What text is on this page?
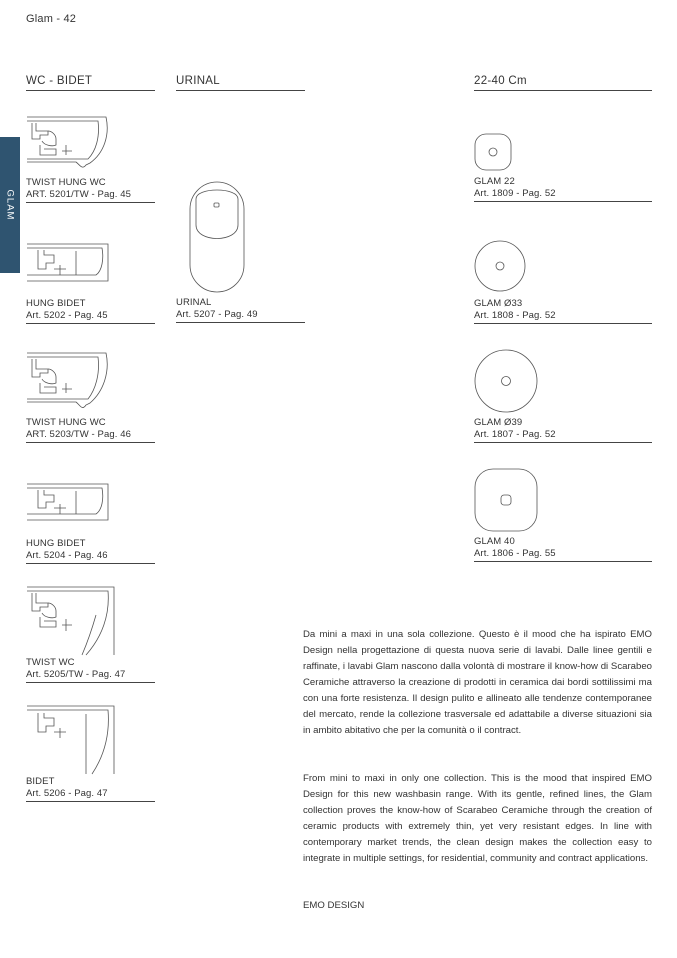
Glam - 42
GLAM
WC - BIDET	URINAL	22-40 Cm
TWIST HUNG WC
ART. 5201/TW - Pag. 45
HUNG BIDET
Art. 5202 - Pag. 45
TWIST HUNG WC
ART. 5203/TW - Pag. 46
HUNG BIDET
Art. 5204 - Pag. 46
TWIST WC
Art. 5205/TW - Pag. 47
BIDET
Art. 5206 - Pag. 47
URINAL
Art. 5207 - Pag. 49
GLAM 22
Art. 1809 - Pag. 52
GLAM Ø33
Art. 1808 - Pag. 52
GLAM Ø39
Art. 1807 - Pag. 52
GLAM 40
Art. 1806 - Pag. 55
Da mini a maxi in una sola collezione. Questo è il mood che ha ispirato EMO Design nella progettazione di questa nuova serie di lavabi. Dalle linee gentili e raffinate, i lavabi Glam nascono dalla volontà di mostrare il know-how di Scarabeo Ceramiche attraverso la creazione di prodotti in ceramica dai bordi sottilissimi ma con una forte resistenza. Il design pulito e allineato alle tendenze contemporanee del mercato, rende la collezione trasversale ed adattabile a diverse situazioni sia in ambito abitativo che per la comunità o il contract.
From mini to maxi in only one collection. This is the mood that inspired EMO Design for this new washbasin range. With its gentle, refined lines, the Glam collection proves the know-how of Scarabeo Ceramiche through the creation of ceramic products with extremely thin, yet very resistant edges. In line with contemporary market trends, the clean design makes the collection easy to integrate in multiple settings, for residential, community and contract applications.
EMO DESIGN
